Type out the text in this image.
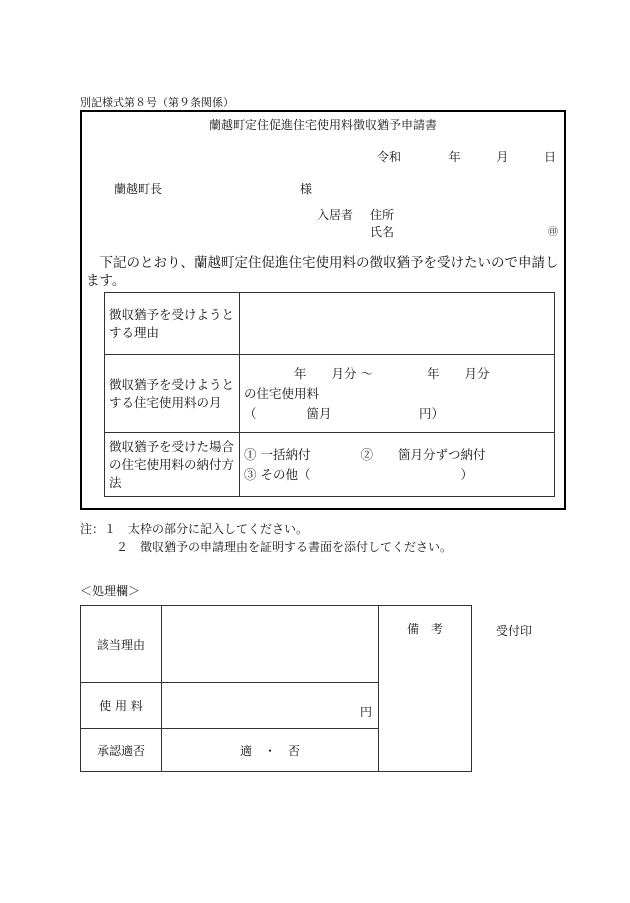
別記様式第８号（第９条関係）
蘭越町定住促進住宅使用料徴収猶予申請書
令和	年	月	日
蘭越町長	様
入居者 住所
氏名	㊞
　下記のとおり、蘭越町定住促進住宅使用料の徴収猶予を受けたいので申請します。
徴収猶予を受けようとする理由	
徴収猶予を受けようとする住宅使用料の月	　　　　年　　月分 ～ 　　　　年　　月分
の住宅使用料
（　　　　箇月　　　　　　　円）

徴収猶予を受けた場合の住宅使用料の納付方法	① 一括納付　　　　②　　箇月分ずつ納付
③ その他（　　　　　　　　　　　　）
注：１　太枠の部分に記入してください。
　　　２　徴収猶予の申請理由を証明する書面を添付してください。
＜処理欄＞
該当理由		備　考
使 用 料	円	
承認適否	適　・　否	
受付印
